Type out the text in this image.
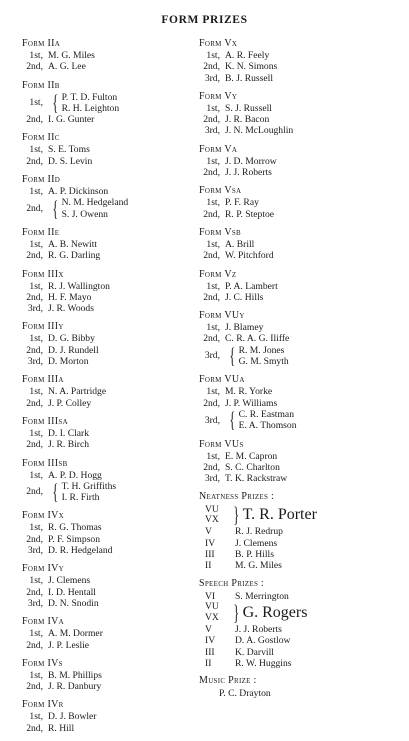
FORM PRIZES
Form IIa
1st, M. G. Miles
2nd, A. G. Lee
Form IIb
1st, { P. T. D. Fulton
R. H. Leighton
2nd, I. G. Gunter
Form IIc
1st, S. E. Toms
2nd, D. S. Levin
Form IId
1st, A. P. Dickinson
2nd, { N. M. Hedgeland
S. J. Owenn
Form IIe
1st, A. B. Newitt
2nd, R. G. Darling
Form IIIx
1st, R. J. Wallington
2nd, H. F. Mayo
3rd, J. R. Woods
Form IIIy
1st, D. G. Bibby
2nd, D. J. Rundell
3rd, D. Morton
Form IIIa
1st, N. A. Partridge
2nd, J. P. Colley
Form IIIsa
1st, D. I. Clark
2nd, J. R. Birch
Form IIIsb
1st, A. P. D. Hogg
2nd, { T. H. Griffiths
I. R. Firth
Form IVx
1st, R. G. Thomas
2nd, P. F. Simpson
3rd, D. R. Hedgeland
Form IVy
1st, J. Clemens
2nd, I. D. Hentall
3rd, D. N. Snodin
Form IVa
1st, A. M. Dormer
2nd, J. P. Leslie
Form IVs
1st, B. M. Phillips
2nd, J. R. Danbury
Form IVr
1st, D. J. Bowler
2nd, R. Hill
Form Vx
1st, A. R. Feely
2nd, K. N. Simons
3rd, B. J. Russell
Form Vy
1st, S. J. Russell
2nd, J. R. Bacon
3rd, J. N. McLoughlin
Form Va
1st, J. D. Morrow
2nd, J. J. Roberts
Form Vsa
1st, P. F. Ray
2nd, R. P. Steptoe
Form Vsb
1st, A. Brill
2nd, W. Pitchford
Form Vz
1st, P. A. Lambert
2nd, J. C. Hills
Form VUy
1st, J. Blamey
2nd, C. R. A. G. Iliffe
3rd, { R. M. Jones
G. M. Smyth
Form VUa
1st, M. R. Yorke
2nd, J. P. Williams
3rd, { C. R. Eastman
E. A. Thomson
Form VUs
1st, E. M. Capron
2nd, S. C. Charlton
3rd, T. K. Rackstraw
Neatness Prizes :
VU
VX } T. R. Porter
V	R. J. Redrup
IV	J. Clemens
III	B. P. Hills
II	M. G. Miles
Speech Prizes :
VI	S. Merrington
VU
VX } G. Rogers
V	J. J. Roberts
IV	D. A. Gostlow
III	K. Darvill
II	R. W. Huggins
Music Prize :
P. C. Drayton
